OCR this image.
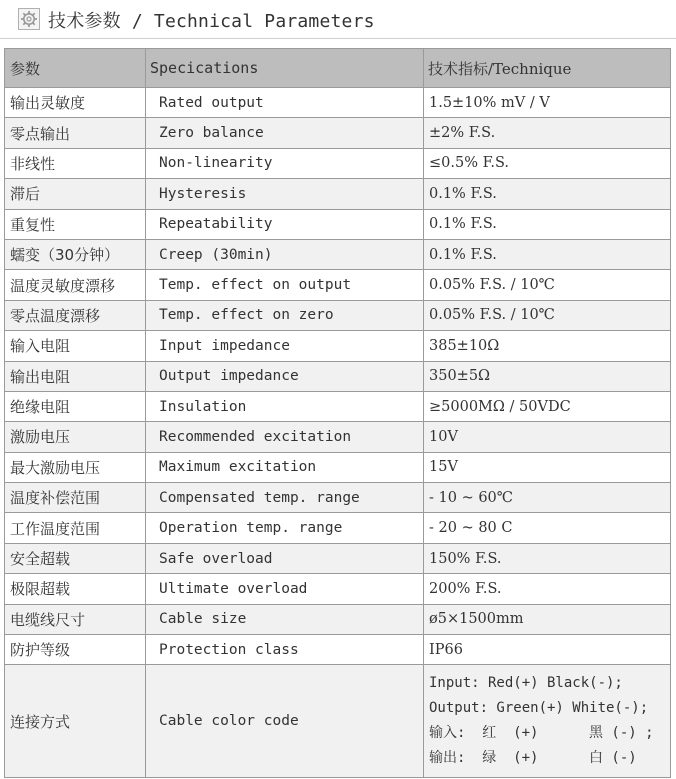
技术参数 / Technical Parameters
参数	Specications	技术指标/Technique
输出灵敏度	Rated output	1.5±10% mV / V
零点输出	Zero balance	±2% F.S.
非线性	Non-linearity	≤0.5% F.S.
滞后	Hysteresis	0.1% F.S.
重复性	Repeatability	0.1% F.S.
蠕变（30分钟）	Creep (30min)	0.1% F.S.
温度灵敏度漂移	Temp. effect on output	0.05% F.S. / 10℃
零点温度漂移	Temp. effect on zero	0.05% F.S. / 10℃
输入电阻	Input impedance	385±10Ω
输出电阻	Output impedance	350±5Ω
绝缘电阻	Insulation	≥5000MΩ / 50VDC
激励电压	Recommended excitation	10V
最大激励电压	Maximum excitation	15V
温度补偿范围	Compensated temp. range	- 10 ~ 60℃
工作温度范围	Operation temp. range	- 20 ~ 80 C
安全超载	Safe overload	150% F.S.
极限超载	Ultimate overload	200% F.S.
电缆线尺寸	Cable size	ø5×1500mm
防护等级	Protection class	IP66
连接方式	Cable color code	Input: Red(+) Black(-);
Output: Green(+) White(-);
输入:  红  (+)      黑 (-) ;
输出:  绿  (+)      白 (-)
